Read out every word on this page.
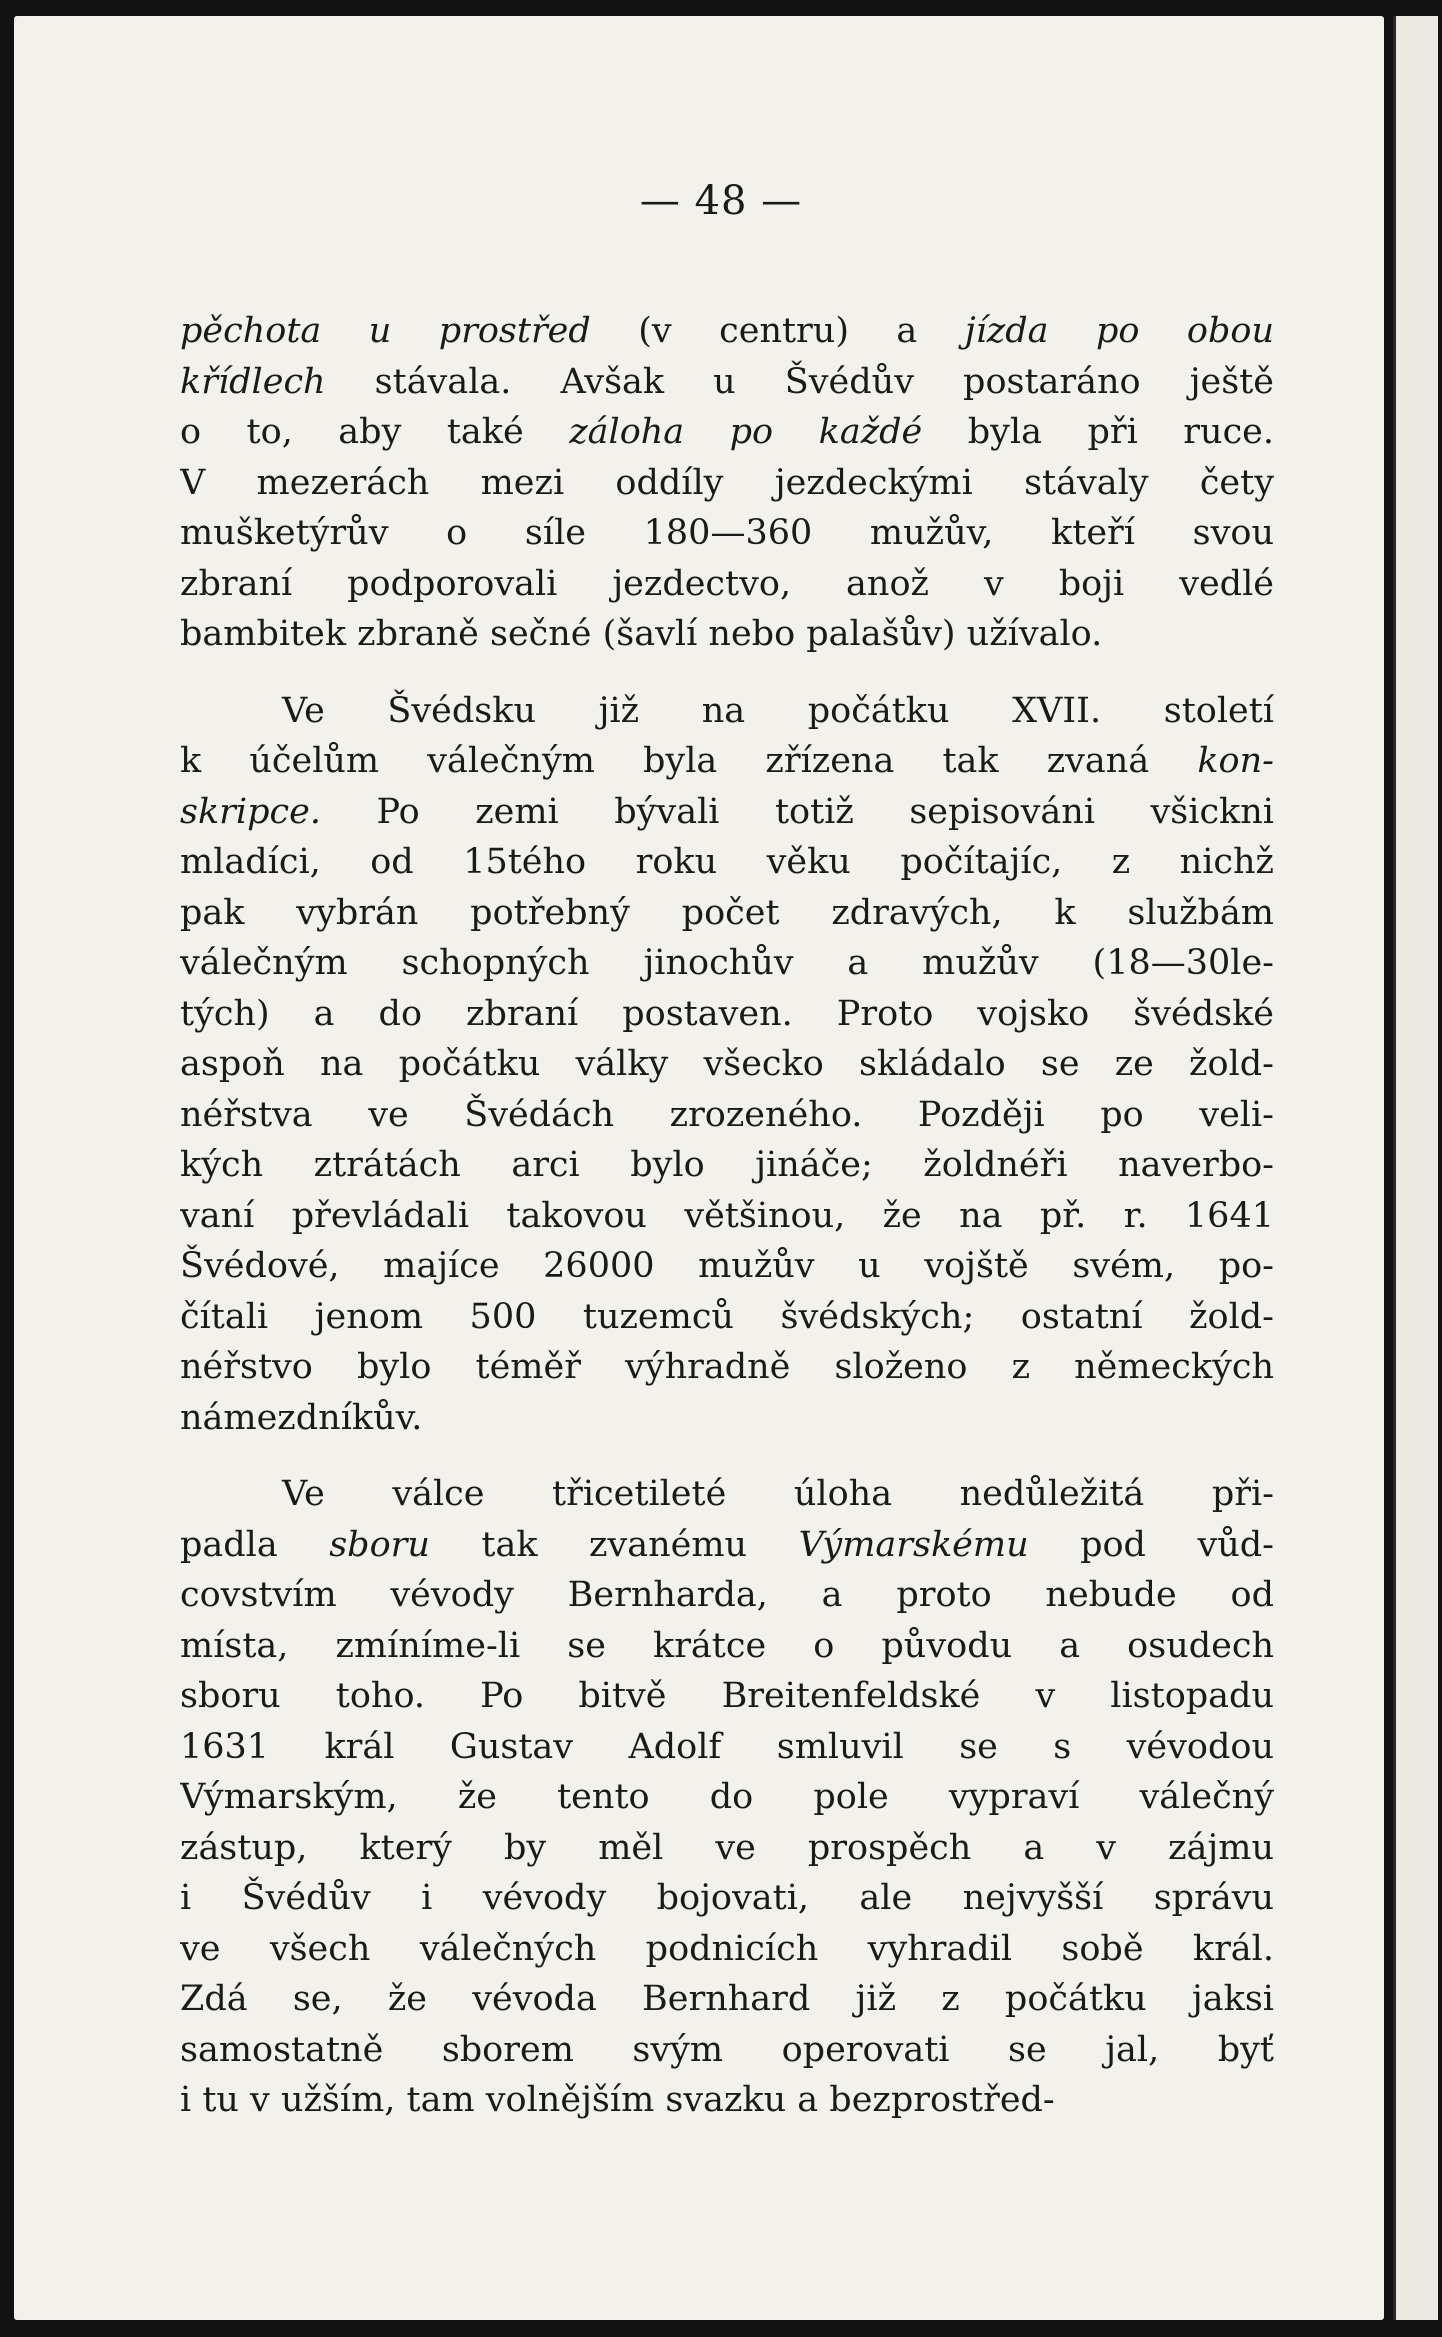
— 48 —
pěchota u prostřed (v centru) a jízda po obou
křídlech stávala. Avšak u Švédův postaráno ještě
o to, aby také záloha po každé byla při ruce.
V mezerách mezi oddíly jezdeckými stávaly čety
mušketýrův o síle 180—360 mužův, kteří svou
zbraní podporovali jezdectvo, anož v boji vedlé
bambitek zbraně sečné (šavlí nebo palašův) užívalo.
Ve Švédsku již na počátku XVII. století
k účelům válečným byla zřízena tak zvaná kon-
skripce. Po zemi bývali totiž sepisováni všickni
mladíci, od 15tého roku věku počítajíc, z nichž
pak vybrán potřebný počet zdravých, k službám
válečným schopných jinochův a mužův (18—30le-
tých) a do zbraní postaven. Proto vojsko švédské
aspoň na počátku války všecko skládalo se ze žold-
néřstva ve Švédách zrozeného. Později po veli-
kých ztrátách arci bylo jináče; žoldnéři naverbo-
vaní převládali takovou většinou, že na př. r. 1641
Švédové, majíce 26000 mužův u vojště svém, po-
čítali jenom 500 tuzemců švédských; ostatní žold-
néřstvo bylo téměř výhradně složeno z německých
námezdníkův.
Ve válce třicetileté úloha nedůležitá při-
padla sboru tak zvanému Výmarskému pod vůd-
covstvím vévody Bernharda, a proto nebude od
místa, zmíníme-li se krátce o původu a osudech
sboru toho. Po bitvě Breitenfeldské v listopadu
1631 král Gustav Adolf smluvil se s vévodou
Výmarským, že tento do pole vypraví válečný
zástup, který by měl ve prospěch a v zájmu
i Švédův i vévody bojovati, ale nejvyšší správu
ve všech válečných podnicích vyhradil sobě král.
Zdá se, že vévoda Bernhard již z počátku jaksi
samostatně sborem svým operovati se jal, byť
i tu v užším, tam volnějším svazku a bezprostřed-
